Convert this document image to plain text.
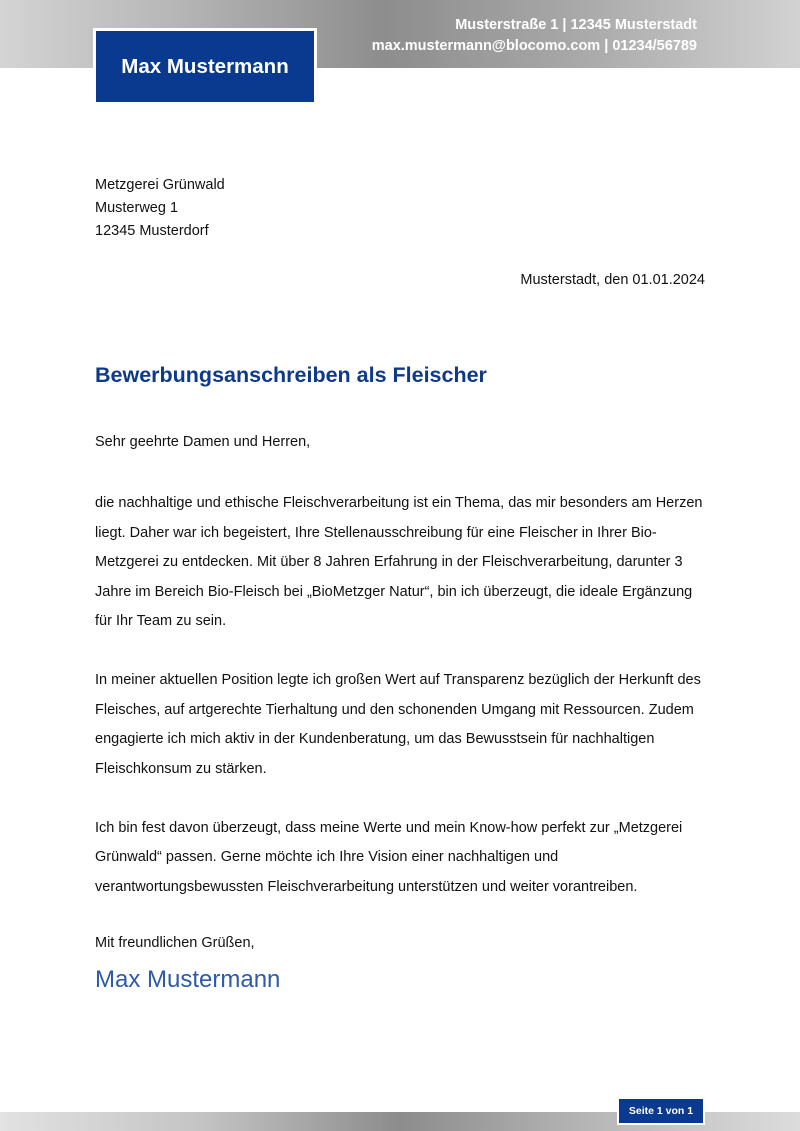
Musterstraße 1 | 12345 Musterstadt
max.mustermann@blocomo.com | 01234/56789
Max Mustermann
Metzgerei Grünwald
Musterweg 1
12345 Musterdorf
Musterstadt, den 01.01.2024
Bewerbungsanschreiben als Fleischer
Sehr geehrte Damen und Herren,

die nachhaltige und ethische Fleischverarbeitung ist ein Thema, das mir besonders am Herzen liegt. Daher war ich begeistert, Ihre Stellenausschreibung für eine Fleischer in Ihrer Bio-Metzgerei zu entdecken. Mit über 8 Jahren Erfahrung in der Fleischverarbeitung, darunter 3 Jahre im Bereich Bio-Fleisch bei „BioMetzger Natur“, bin ich überzeugt, die ideale Ergänzung für Ihr Team zu sein.

In meiner aktuellen Position legte ich großen Wert auf Transparenz bezüglich der Herkunft des Fleisches, auf artgerechte Tierhaltung und den schonenden Umgang mit Ressourcen. Zudem engagierte ich mich aktiv in der Kundenberatung, um das Bewusstsein für nachhaltigen Fleischkonsum zu stärken.

Ich bin fest davon überzeugt, dass meine Werte und mein Know-how perfekt zur „Metzgerei Grünwald“ passen. Gerne möchte ich Ihre Vision einer nachhaltigen und verantwortungsbewussten Fleischverarbeitung unterstützen und weiter vorantreiben.

Mit freundlichen Grüßen,
Max Mustermann
Seite 1 von 1
